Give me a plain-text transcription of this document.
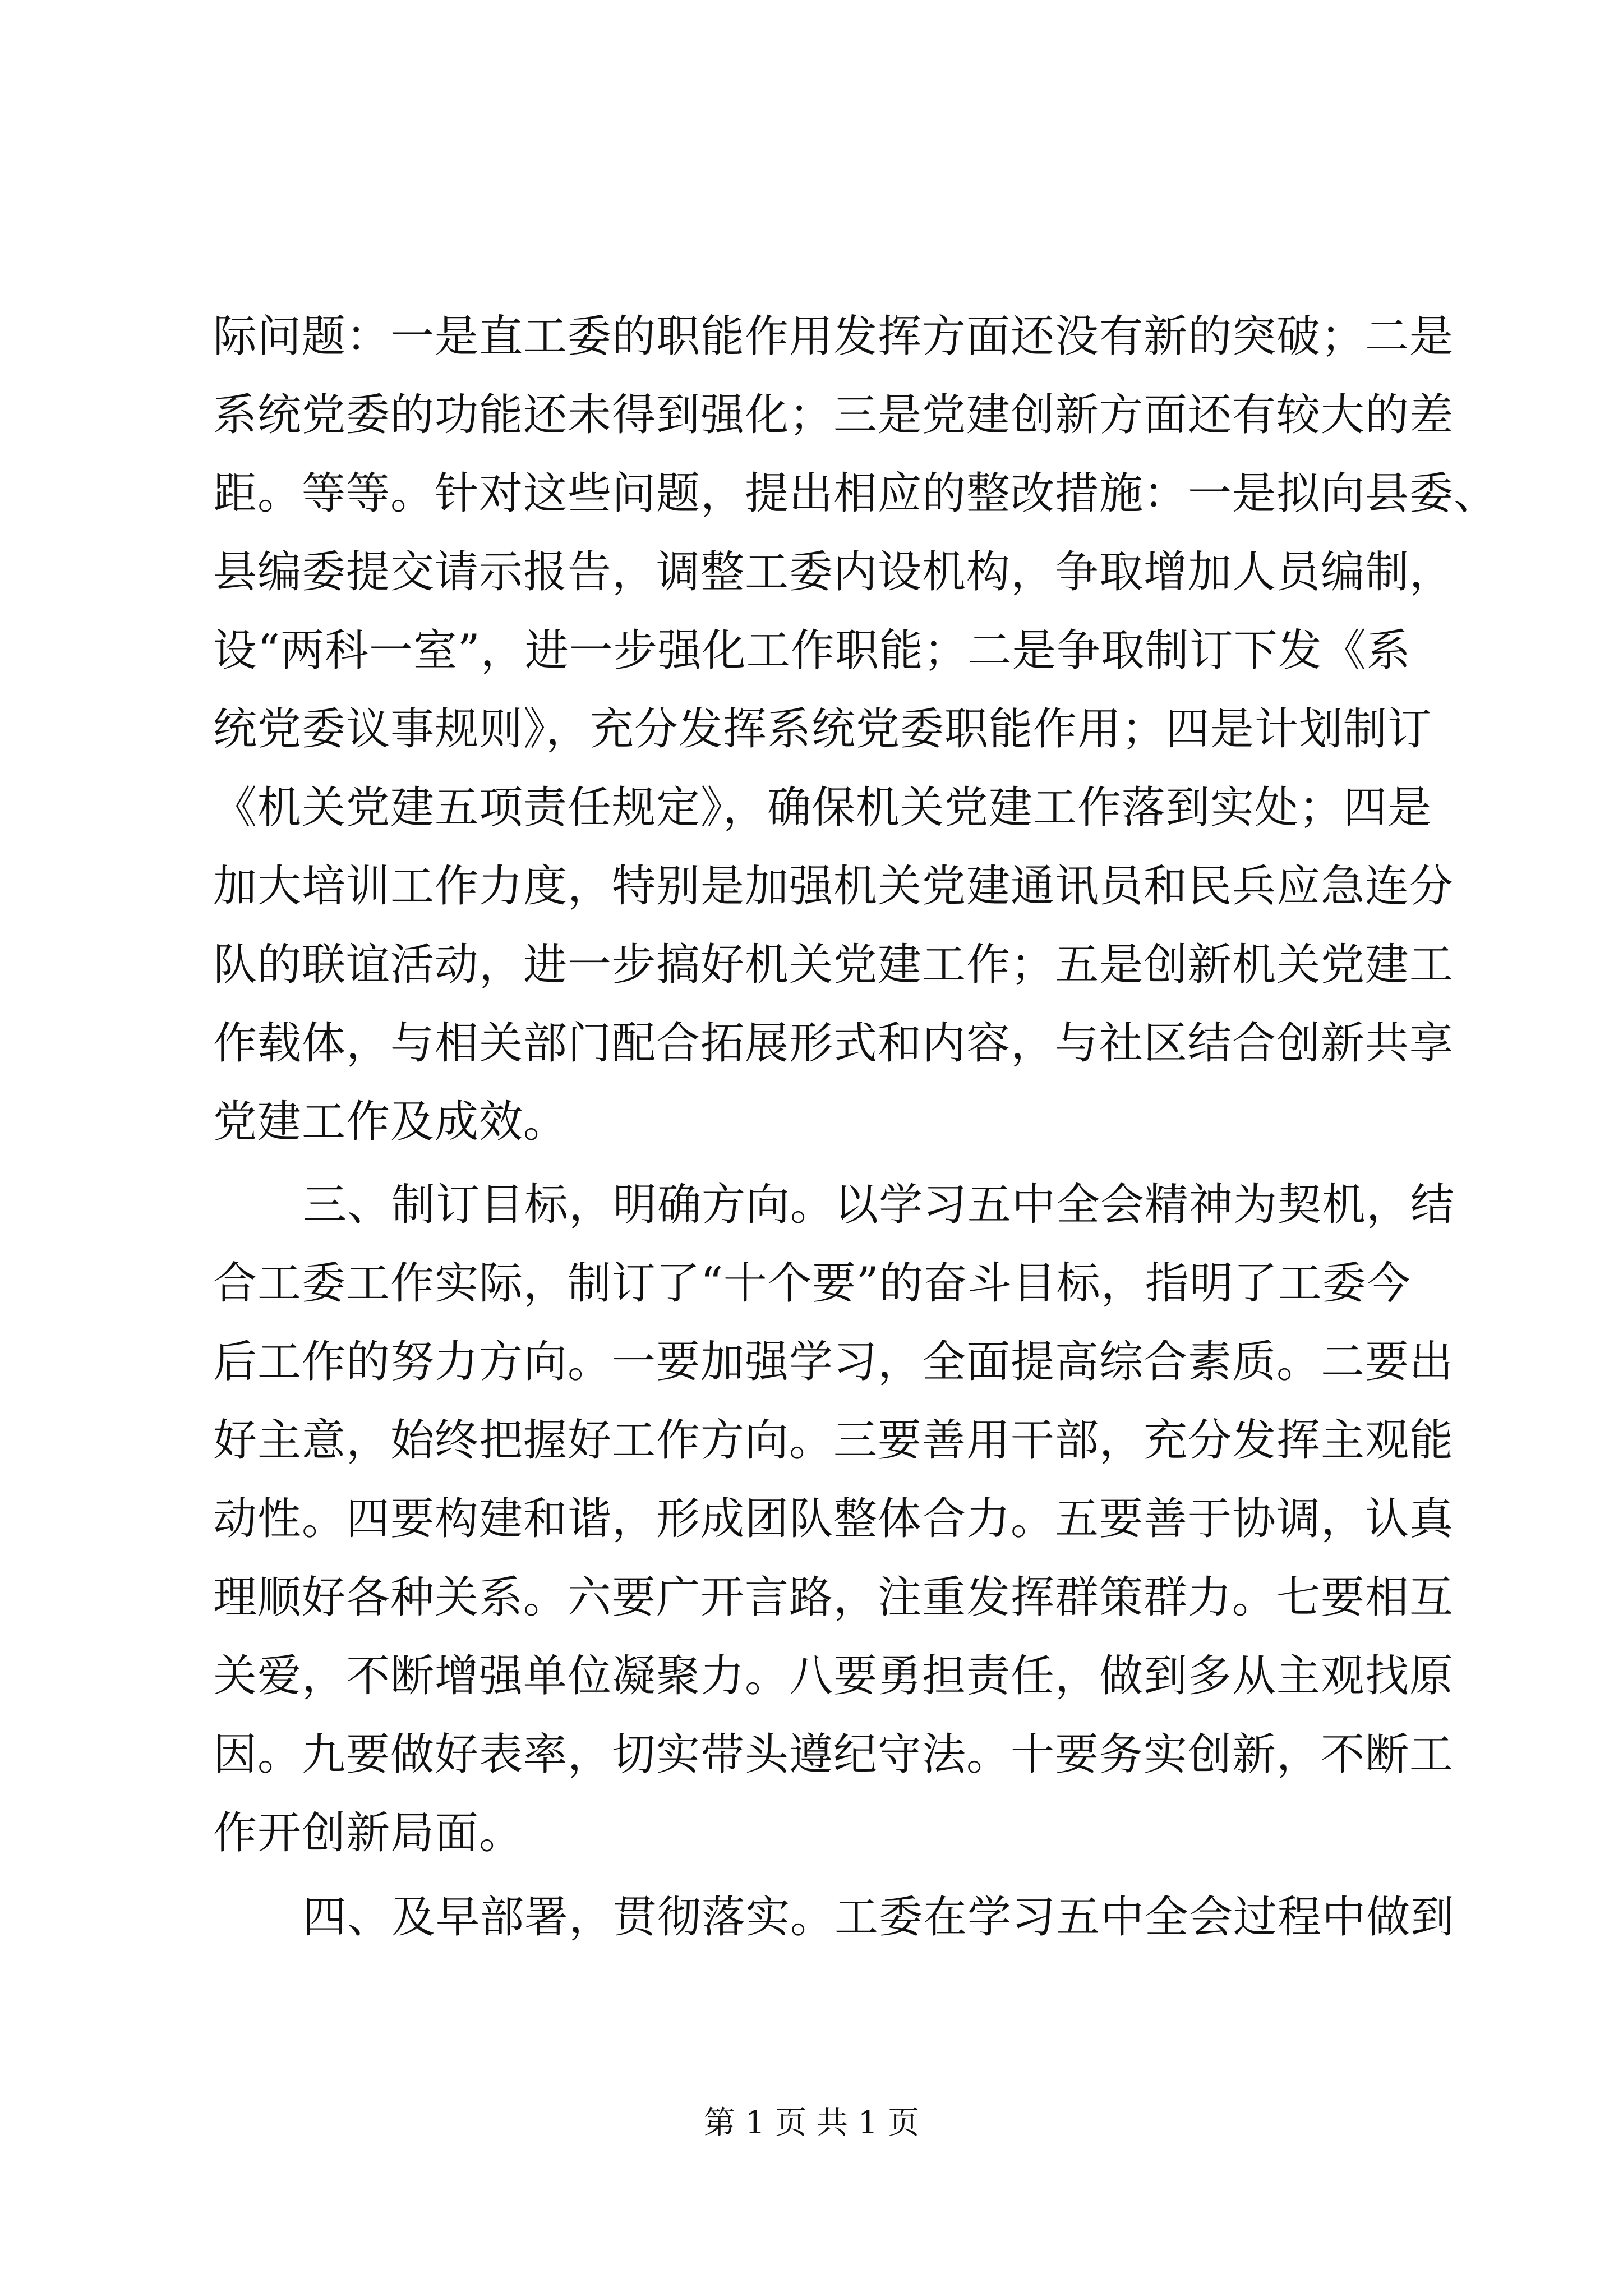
际问题：一是直工委的职能作用发挥方面还没有新的突破；二是
系统党委的功能还未得到强化；三是党建创新方面还有较大的差
距。等等。针对这些问题，提出相应的整改措施：一是拟向县委、
县编委提交请示报告，调整工委内设机构，争取增加人员编制，
设“两科一室”，进一步强化工作职能；二是争取制订下发《系
统党委议事规则》，充分发挥系统党委职能作用；四是计划制订
《机关党建五项责任规定》，确保机关党建工作落到实处；四是
加大培训工作力度，特别是加强机关党建通讯员和民兵应急连分
队的联谊活动，进一步搞好机关党建工作；五是创新机关党建工
作载体，与相关部门配合拓展形式和内容，与社区结合创新共享
党建工作及成效。
三、制订目标，明确方向。以学习五中全会精神为契机，结
合工委工作实际，制订了“十个要”的奋斗目标，指明了工委今
后工作的努力方向。一要加强学习，全面提高综合素质。二要出
好主意，始终把握好工作方向。三要善用干部，充分发挥主观能
动性。四要构建和谐，形成团队整体合力。五要善于协调，认真
理顺好各种关系。六要广开言路，注重发挥群策群力。七要相互
关爱，不断增强单位凝聚力。八要勇担责任，做到多从主观找原
因。九要做好表率，切实带头遵纪守法。十要务实创新，不断工
作开创新局面。
四、及早部署，贯彻落实。工委在学习五中全会过程中做到
第 1 页 共 1 页
